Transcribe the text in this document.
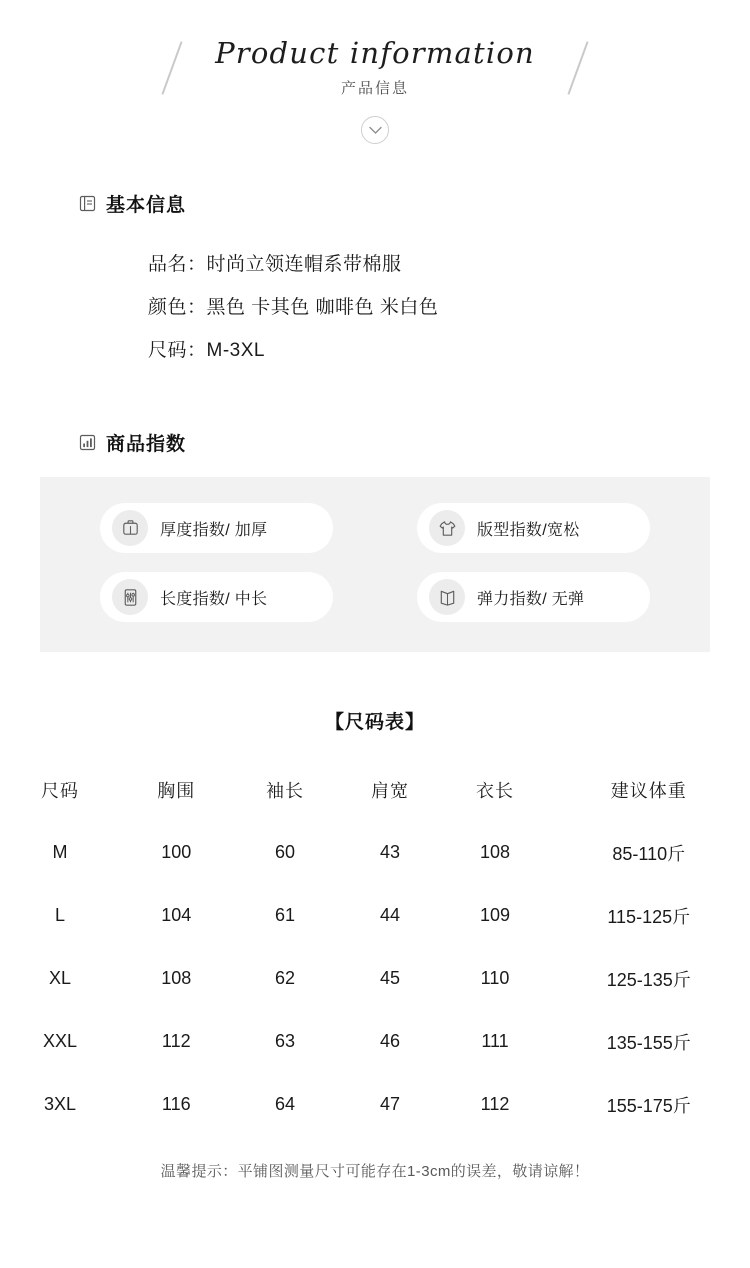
Product information
产品信息
基本信息
品名：时尚立领连帽系带棉服
颜色：黑色 卡其色 咖啡色 米白色
尺码：M-3XL
商品指数
厚度指数/ 加厚	版型指数/宽松
长度指数/ 中长	弹力指数/ 无弹
【尺码表】
尺码	胸围	袖长	肩宽	衣长	建议体重
M	100	60	43	108	85-110斤
L	104	61	44	109	115-125斤
XL	108	62	45	110	125-135斤
XXL	112	63	46	111	135-155斤
3XL	116	64	47	112	155-175斤
温馨提示：平铺图测量尺寸可能存在1-3cm的误差，敬请谅解！
